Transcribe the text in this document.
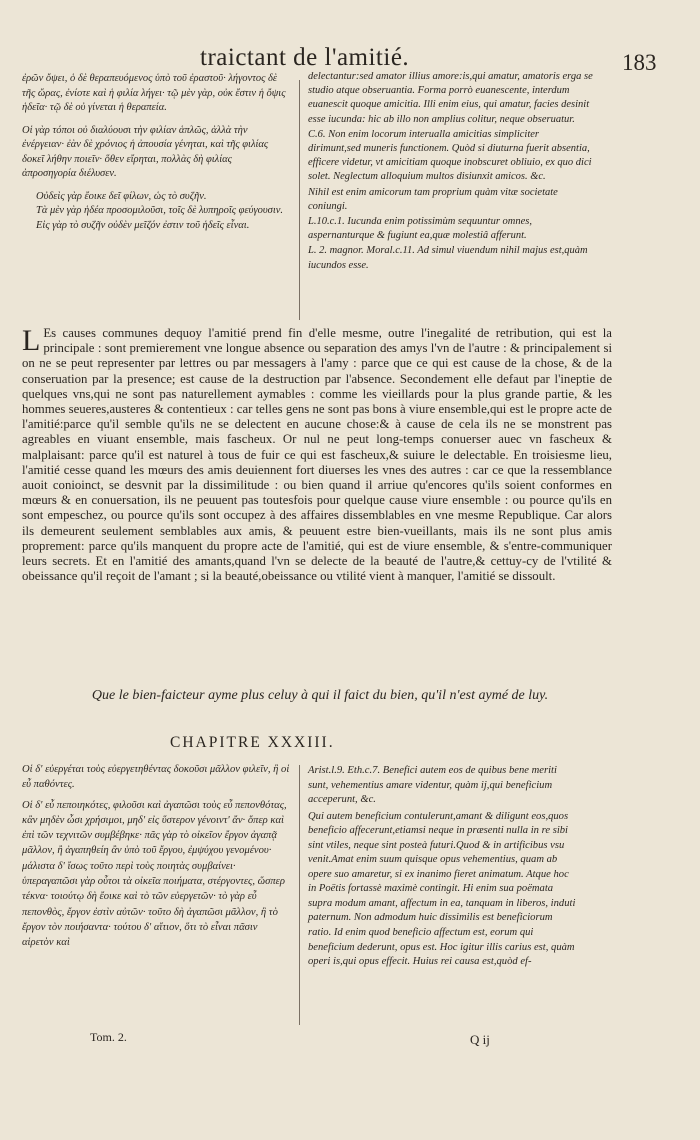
traictant de l'amitié.	183

ἐρῶν ὄψει, ὁ δὲ θεραπευόμενος ὑπὸ τοῦ ἐραστοῦ· λήγοντος δὲ τῆς ὥρας, ἐνίοτε καὶ ἡ φιλία λήγει· τῷ μὲν γὰρ, οὐκ ἔστιν ἡ ὄψις ἡδεῖα· τῷ δὲ οὐ γίνεται ἡ θεραπεία.

Οἱ γὰρ τόποι οὐ διαλύουσι τὴν φιλίαν ἁπλῶς, ἀλλὰ τὴν ἐνέργειαν· ἐὰν δὲ χρόνιος ἡ ἀπουσία γένηται, καὶ τῆς φιλίας δοκεῖ λήθην ποιεῖν· ὅθεν εἴρηται, πολλὰς δὴ φιλίας ἀπροσηγορία διέλυσεν.

Οὐδεὶς γὰρ ἔοικε δεῖ φίλων, ὡς τὸ συζῆν.

Τὰ μὲν γὰρ ἡδέα προσομιλοῦσι, τοῖς δὲ λυπηροῖς φεύγουσιν.

Εἰς γὰρ τὸ συζῆν οὐδὲν μεῖζόν ἐστιν τοῦ ἡδεῖς εἶναι.

delectantur:sed amator illius amore:is,qui amatur, amatoris erga se studio atque obseruantia. Forma porrò euanescente, interdum euanescit quoque amicitia. Illi enim eius, qui amatur, facies desinit esse iucunda: hic ab illo non amplius colitur, neque obseruatur.

C.6. Non enim locorum interualla amicitias simpliciter dirimunt,sed muneris functionem. Quòd si diuturna fuerit absentia, efficere videtur, vt amicitiam quoque inobscuret obliuio, ex quo dici solet. Neglectum alloquium multos disiunxit amicos. &c.

Nihil est enim amicorum tam proprium quàm vitæ societate coniungi.

L.10.c.1. Iucunda enim potissimùm sequuntur omnes, aspernanturque & fugiunt ea,quæ molestiâ afferunt.

L. 2. magnor. Moral.c.11. Ad simul viuendum nihil majus est,quàm iucundos esse.

L Es causes communes dequoy l'amitié prend fin d'elle mesme, outre l'inegalité de retribution, qui est la principale : sont premierement vne longue absence ou separation des amys l'vn de l'autre : & principalement si on ne se peut representer par lettres ou par messagers à l'amy : parce que ce qui est cause de la chose, & de la conseruation par la presence; est cause de la destruction par l'absence. Secondement elle defaut par l'ineptie de quelques vns,qui ne sont pas naturellement aymables : comme les vieillards pour la plus grande partie, & les hommes seueres,austeres & contentieux : car telles gens ne sont pas bons à viure ensemble,qui est le propre acte de l'amitié:parce qu'il semble qu'ils ne se delectent en aucune chose:& à cause de cela ils ne se monstrent pas agreables en viuant ensemble, mais fascheux. Or nul ne peut long-temps conuerser auec vn fascheux & malplaisant: parce qu'il est naturel à tous de fuir ce qui est fascheux,& suiure le delectable. En troisiesme lieu, l'amitié cesse quand les mœurs des amis deuiennent fort diuerses les vnes des autres : car ce que la ressemblance auoit conioinct, se desvnit par la dissimilitude : ou bien quand il arriue qu'encores qu'ils soient conformes en mœurs & en conuersation, ils ne peuuent pas toutesfois pour quelque cause viure ensemble : ou pource qu'ils en sont empeschez, ou pource qu'ils sont occupez à des affaires dissemblables en vne mesme Republique. Car alors ils demeurent seulement semblables aux amis, & peuuent estre bien-vueillants, mais ils ne sont plus amis proprement: parce qu'ils manquent du propre acte de l'amitié, qui est de viure ensemble, & s'entre-communiquer leurs secrets. Et en l'amitié des amants,quand l'vn se delecte de la beauté de l'autre,& cettuy-cy de l'vtilité & obeissance qu'il reçoit de l'amant ; si la beauté,obeissance ou vtilité vient à manquer, l'amitié se dissoult.

Que le bien-faicteur ayme plus celuy à qui il faict du bien, qu'il n'est aymé de luy.

CHAPITRE XXXIII.

Οἱ δ' εὐεργέται τοὺς εὐεργετηθέντας δοκοῦσι μᾶλλον φιλεῖν, ἢ οἱ εὖ παθόντες.

Οἱ δ' εὖ πεποιηκότες, φιλοῦσι καὶ ἀγαπῶσι τοὺς εὖ πεπονθότας, κἂν μηδὲν ὦσι χρήσιμοι, μηδ' εἰς ὕστερον γένοιντ' ἄν· ὅπερ καὶ ἐπὶ τῶν τεχνιτῶν συμβέβηκε· πᾶς γὰρ τὸ οἰκεῖον ἔργον ἀγαπᾷ μᾶλλον, ἢ ἀγαπηθείη ἂν ὑπὸ τοῦ ἔργου, ἐμψύχου γενομένου· μάλιστα δ' ἴσως τοῦτο περὶ τοὺς ποιητὰς συμβαίνει· ὑπεραγαπῶσι γὰρ οὗτοι τὰ οἰκεῖα ποιήματα, στέργοντες, ὥσπερ τέκνα· τοιούτῳ δὴ ἔοικε καὶ τὸ τῶν εὐεργετῶν· τὸ γὰρ εὖ πεπονθὸς, ἔργον ἐστὶν αὐτῶν· τοῦτο δὴ ἀγαπῶσι μᾶλλον, ἢ τὸ ἔργον τὸν ποιήσαντα· τούτου δ' αἴτιον, ὅτι τὸ εἶναι πᾶσιν αἱρετὸν καὶ

Arist.l.9. Eth.c.7. Benefici autem eos de quibus bene meriti sunt, vehementius amare videntur, quàm ij,qui beneficium acceperunt, &c.

Qui autem beneficium contulerunt,amant & diligunt eos,quos beneficio affecerunt,etiamsi neque in præsenti nulla in re sibi sint vtiles, neque sint posteà futuri.Quod & in artificibus vsu venit.Amat enim suum quisque opus vehementius, quam ab opere suo amaretur, si ex inanimo fieret animatum. Atque hoc in Poëtis fortassè maximè contingit. Hi enim sua poëmata supra modum amant, affectum in ea, tanquam in liberos, induti paternum. Non admodum huic dissimilis est beneficiorum ratio. Id enim quod beneficio affectum est, eorum qui beneficium dederunt, opus est. Hoc igitur illis carius est, quàm operi is,qui opus effecit. Huius rei causa est,quòd ef-

Tom. 2.	Q ij
